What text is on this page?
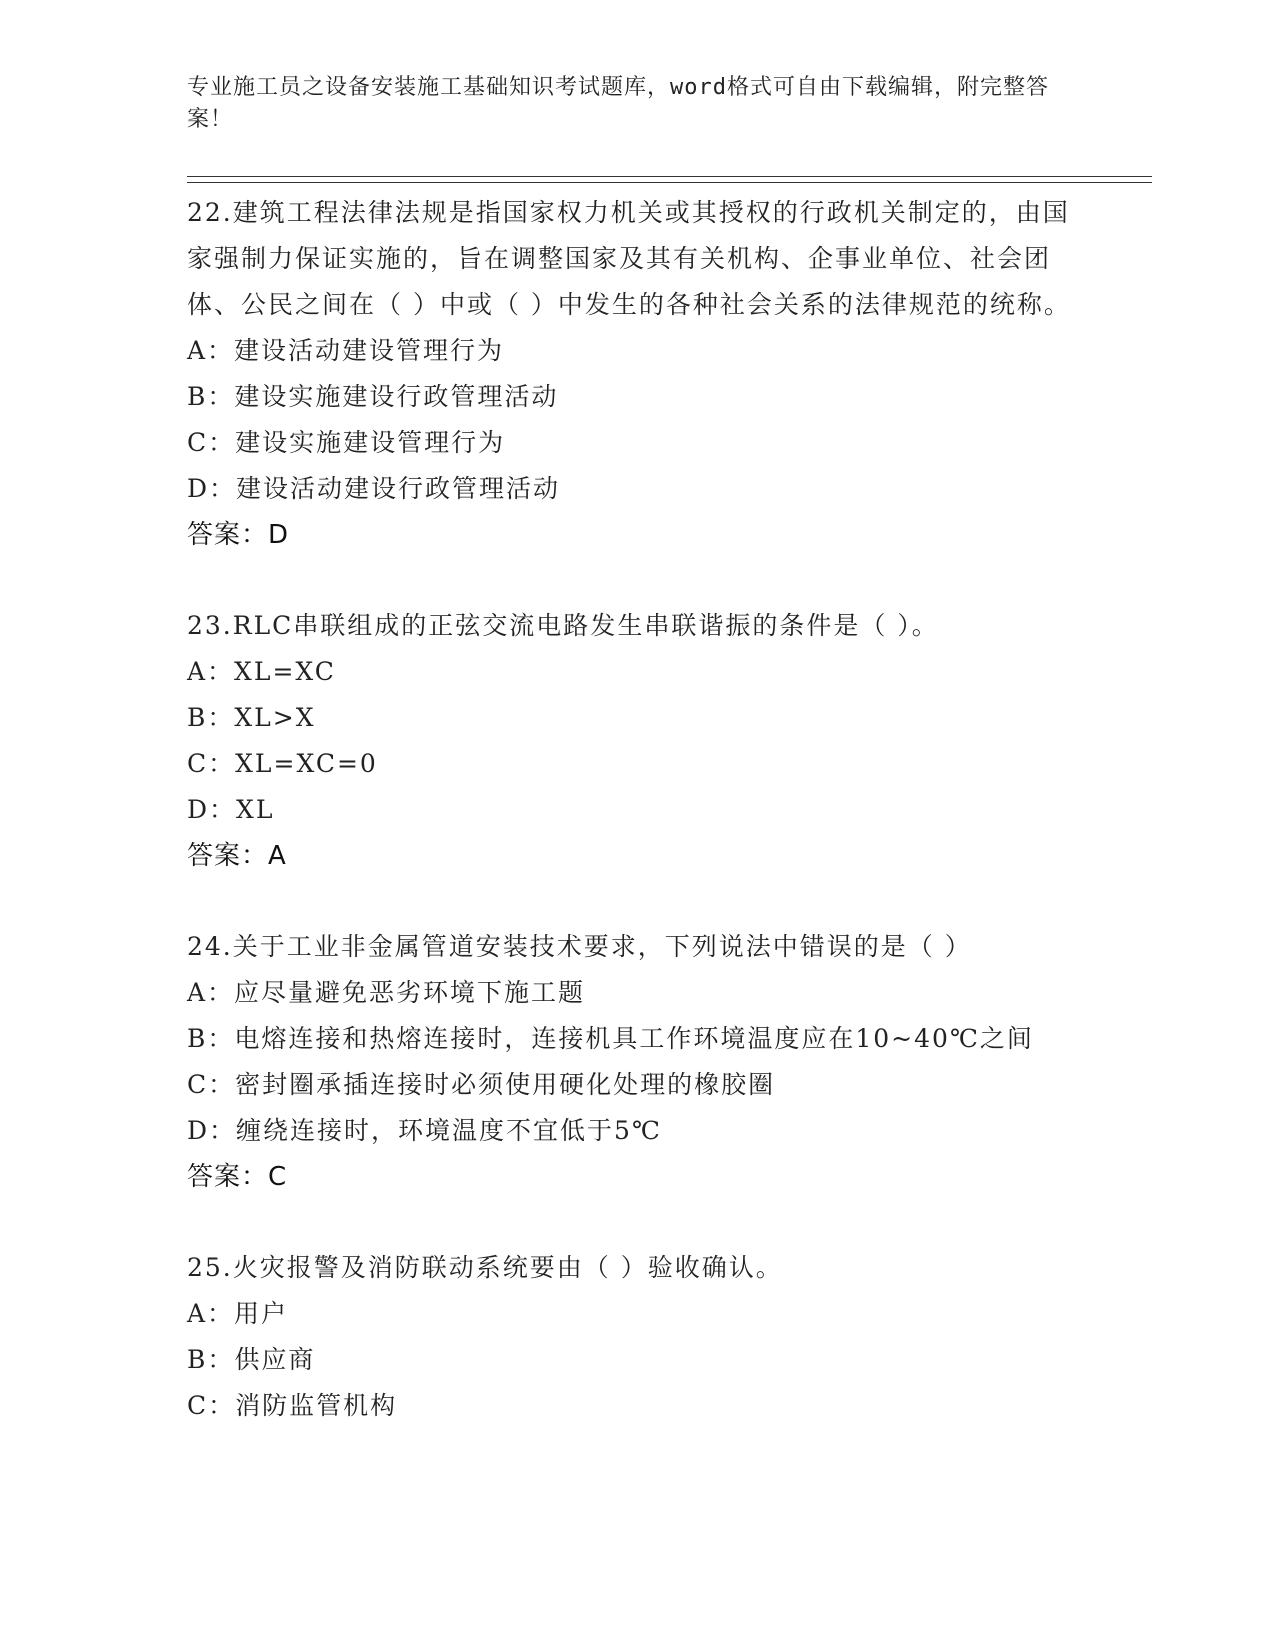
专业施工员之设备安装施工基础知识考试题库，word格式可自由下载编辑，附完整答案！

22.建筑工程法律法规是指国家权力机关或其授权的行政机关制定的，由国家强制力保证实施的，旨在调整国家及其有关机构、企事业单位、社会团体、公民之间在（ ）中或（ ）中发生的各种社会关系的法律规范的统称。

A：建设活动建设管理行为

B：建设实施建设行政管理活动

C：建设实施建设管理行为

D：建设活动建设行政管理活动

答案：D

23.RLC串联组成的正弦交流电路发生串联谐振的条件是（ ）。

A：XL=XC

B：XL>X

C：XL=XC=0

D：XL

答案：A

24.关于工业非金属管道安装技术要求，下列说法中错误的是（ ）

A：应尽量避免恶劣环境下施工题

B：电熔连接和热熔连接时，连接机具工作环境温度应在10~40℃之间

C：密封圈承插连接时必须使用硬化处理的橡胶圈

D：缠绕连接时，环境温度不宜低于5℃

答案：C

25.火灾报警及消防联动系统要由（ ）验收确认。

A：用户

B：供应商

C：消防监管机构
